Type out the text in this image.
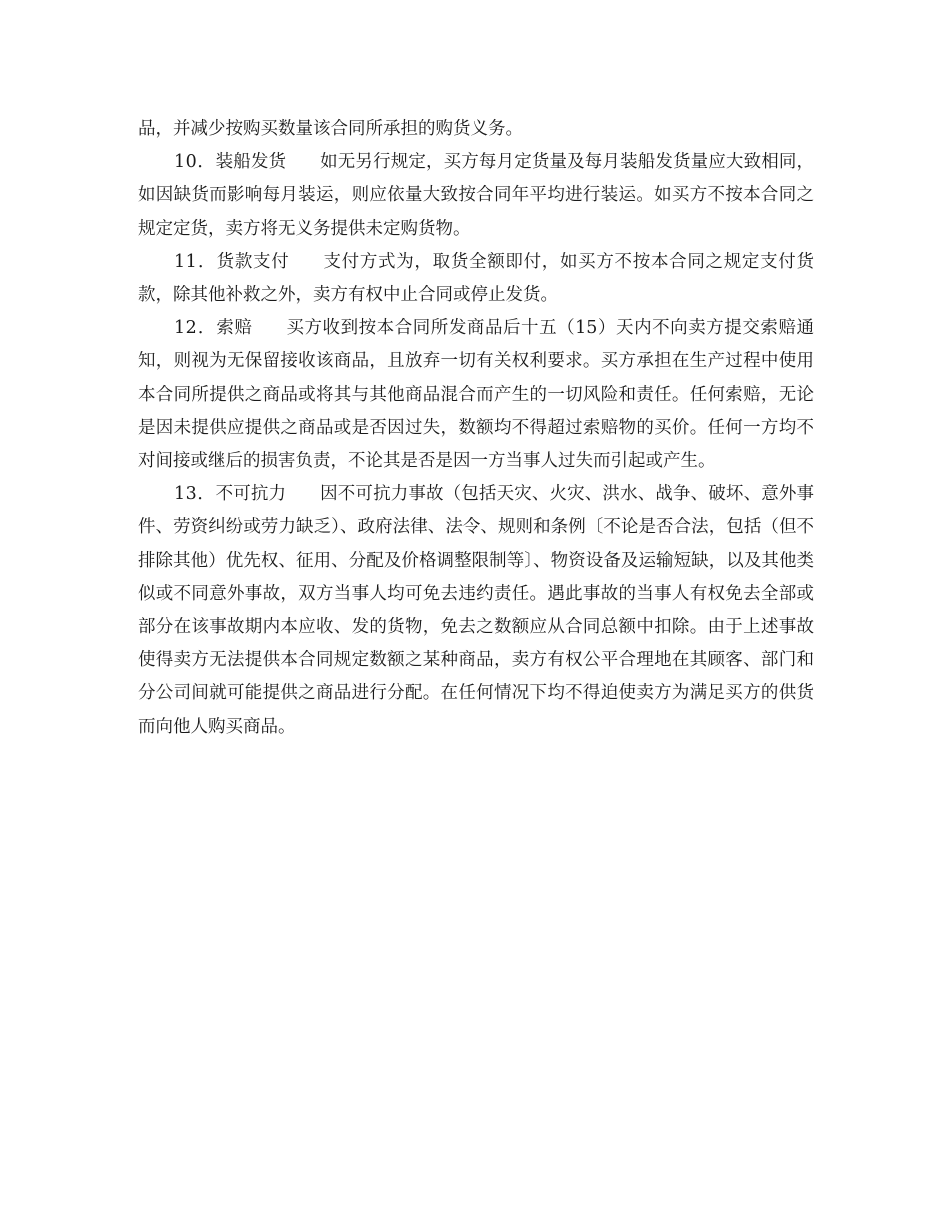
品，并减少按购买数量该合同所承担的购货义务。

10．装船发货 如无另行规定，买方每月定货量及每月装船发货量应大致相同，如因缺货而影响每月装运，则应依量大致按合同年平均进行装运。如买方不按本合同之规定定货，卖方将无义务提供未定购货物。

11．货款支付 支付方式为，取货全额即付，如买方不按本合同之规定支付货款，除其他补救之外，卖方有权中止合同或停止发货。

12．索赔 买方收到按本合同所发商品后十五（15）天内不向卖方提交索赔通知，则视为无保留接收该商品，且放弃一切有关权利要求。买方承担在生产过程中使用本合同所提供之商品或将其与其他商品混合而产生的一切风险和责任。任何索赔，无论是因未提供应提供之商品或是否因过失，数额均不得超过索赔物的买价。任何一方均不对间接或继后的损害负责，不论其是否是因一方当事人过失而引起或产生。

13．不可抗力 因不可抗力事故（包括天灾、火灾、洪水、战争、破坏、意外事件、劳资纠纷或劳力缺乏）、政府法律、法令、规则和条例〔不论是否合法，包括（但不排除其他）优先权、征用、分配及价格调整限制等〕、物资设备及运输短缺，以及其他类似或不同意外事故，双方当事人均可免去违约责任。遇此事故的当事人有权免去全部或部分在该事故期内本应收、发的货物，免去之数额应从合同总额中扣除。由于上述事故使得卖方无法提供本合同规定数额之某种商品，卖方有权公平合理地在其顾客、部门和分公司间就可能提供之商品进行分配。在任何情况下均不得迫使卖方为满足买方的供货而向他人购买商品。
